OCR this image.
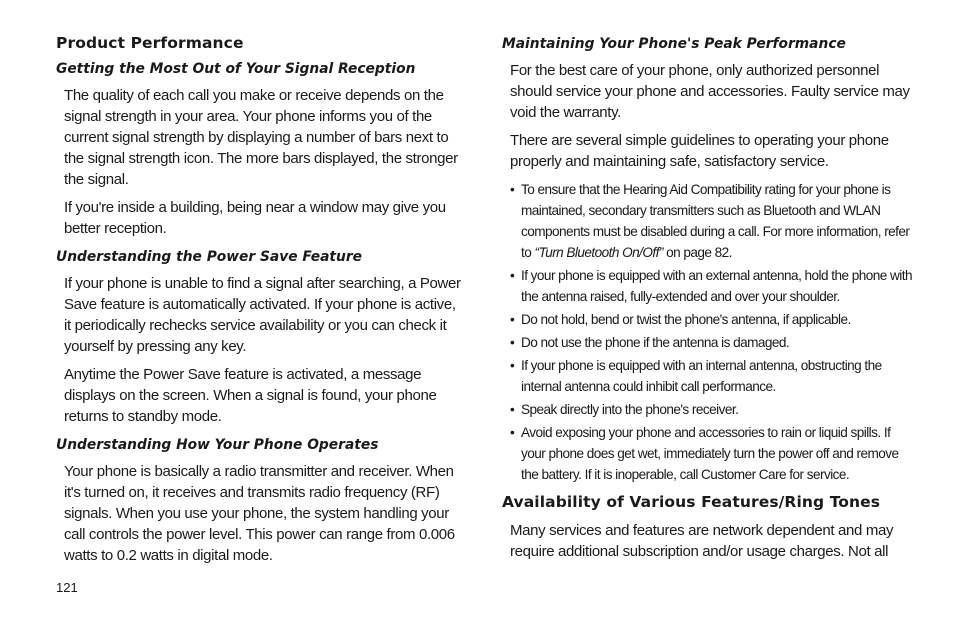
Product Performance
Getting the Most Out of Your Signal Reception

The quality of each call you make or receive depends on the signal strength in your area. Your phone informs you of the current signal strength by displaying a number of bars next to the signal strength icon. The more bars displayed, the stronger the signal.

If you're inside a building, being near a window may give you better reception.

Understanding the Power Save Feature

If your phone is unable to find a signal after searching, a Power Save feature is automatically activated. If your phone is active, it periodically rechecks service availability or you can check it yourself by pressing any key.

Anytime the Power Save feature is activated, a message displays on the screen. When a signal is found, your phone returns to standby mode.

Understanding How Your Phone Operates

Your phone is basically a radio transmitter and receiver. When it's turned on, it receives and transmits radio frequency (RF) signals. When you use your phone, the system handling your call controls the power level. This power can range from 0.006 watts to 0.2 watts in digital mode.

121
Maintaining Your Phone's Peak Performance

For the best care of your phone, only authorized personnel should service your phone and accessories. Faulty service may void the warranty.

There are several simple guidelines to operating your phone properly and maintaining safe, satisfactory service.

• To ensure that the Hearing Aid Compatibility rating for your phone is maintained, secondary transmitters such as Bluetooth and WLAN components must be disabled during a call. For more information, refer to “Turn Bluetooth On/Off” on page 82.
• If your phone is equipped with an external antenna, hold the phone with the antenna raised, fully-extended and over your shoulder.
• Do not hold, bend or twist the phone's antenna, if applicable.
• Do not use the phone if the antenna is damaged.
• If your phone is equipped with an internal antenna, obstructing the internal antenna could inhibit call performance.
• Speak directly into the phone's receiver.
• Avoid exposing your phone and accessories to rain or liquid spills. If your phone does get wet, immediately turn the power off and remove the battery. If it is inoperable, call Customer Care for service.
Availability of Various Features/Ring Tones

Many services and features are network dependent and may require additional subscription and/or usage charges. Not all
